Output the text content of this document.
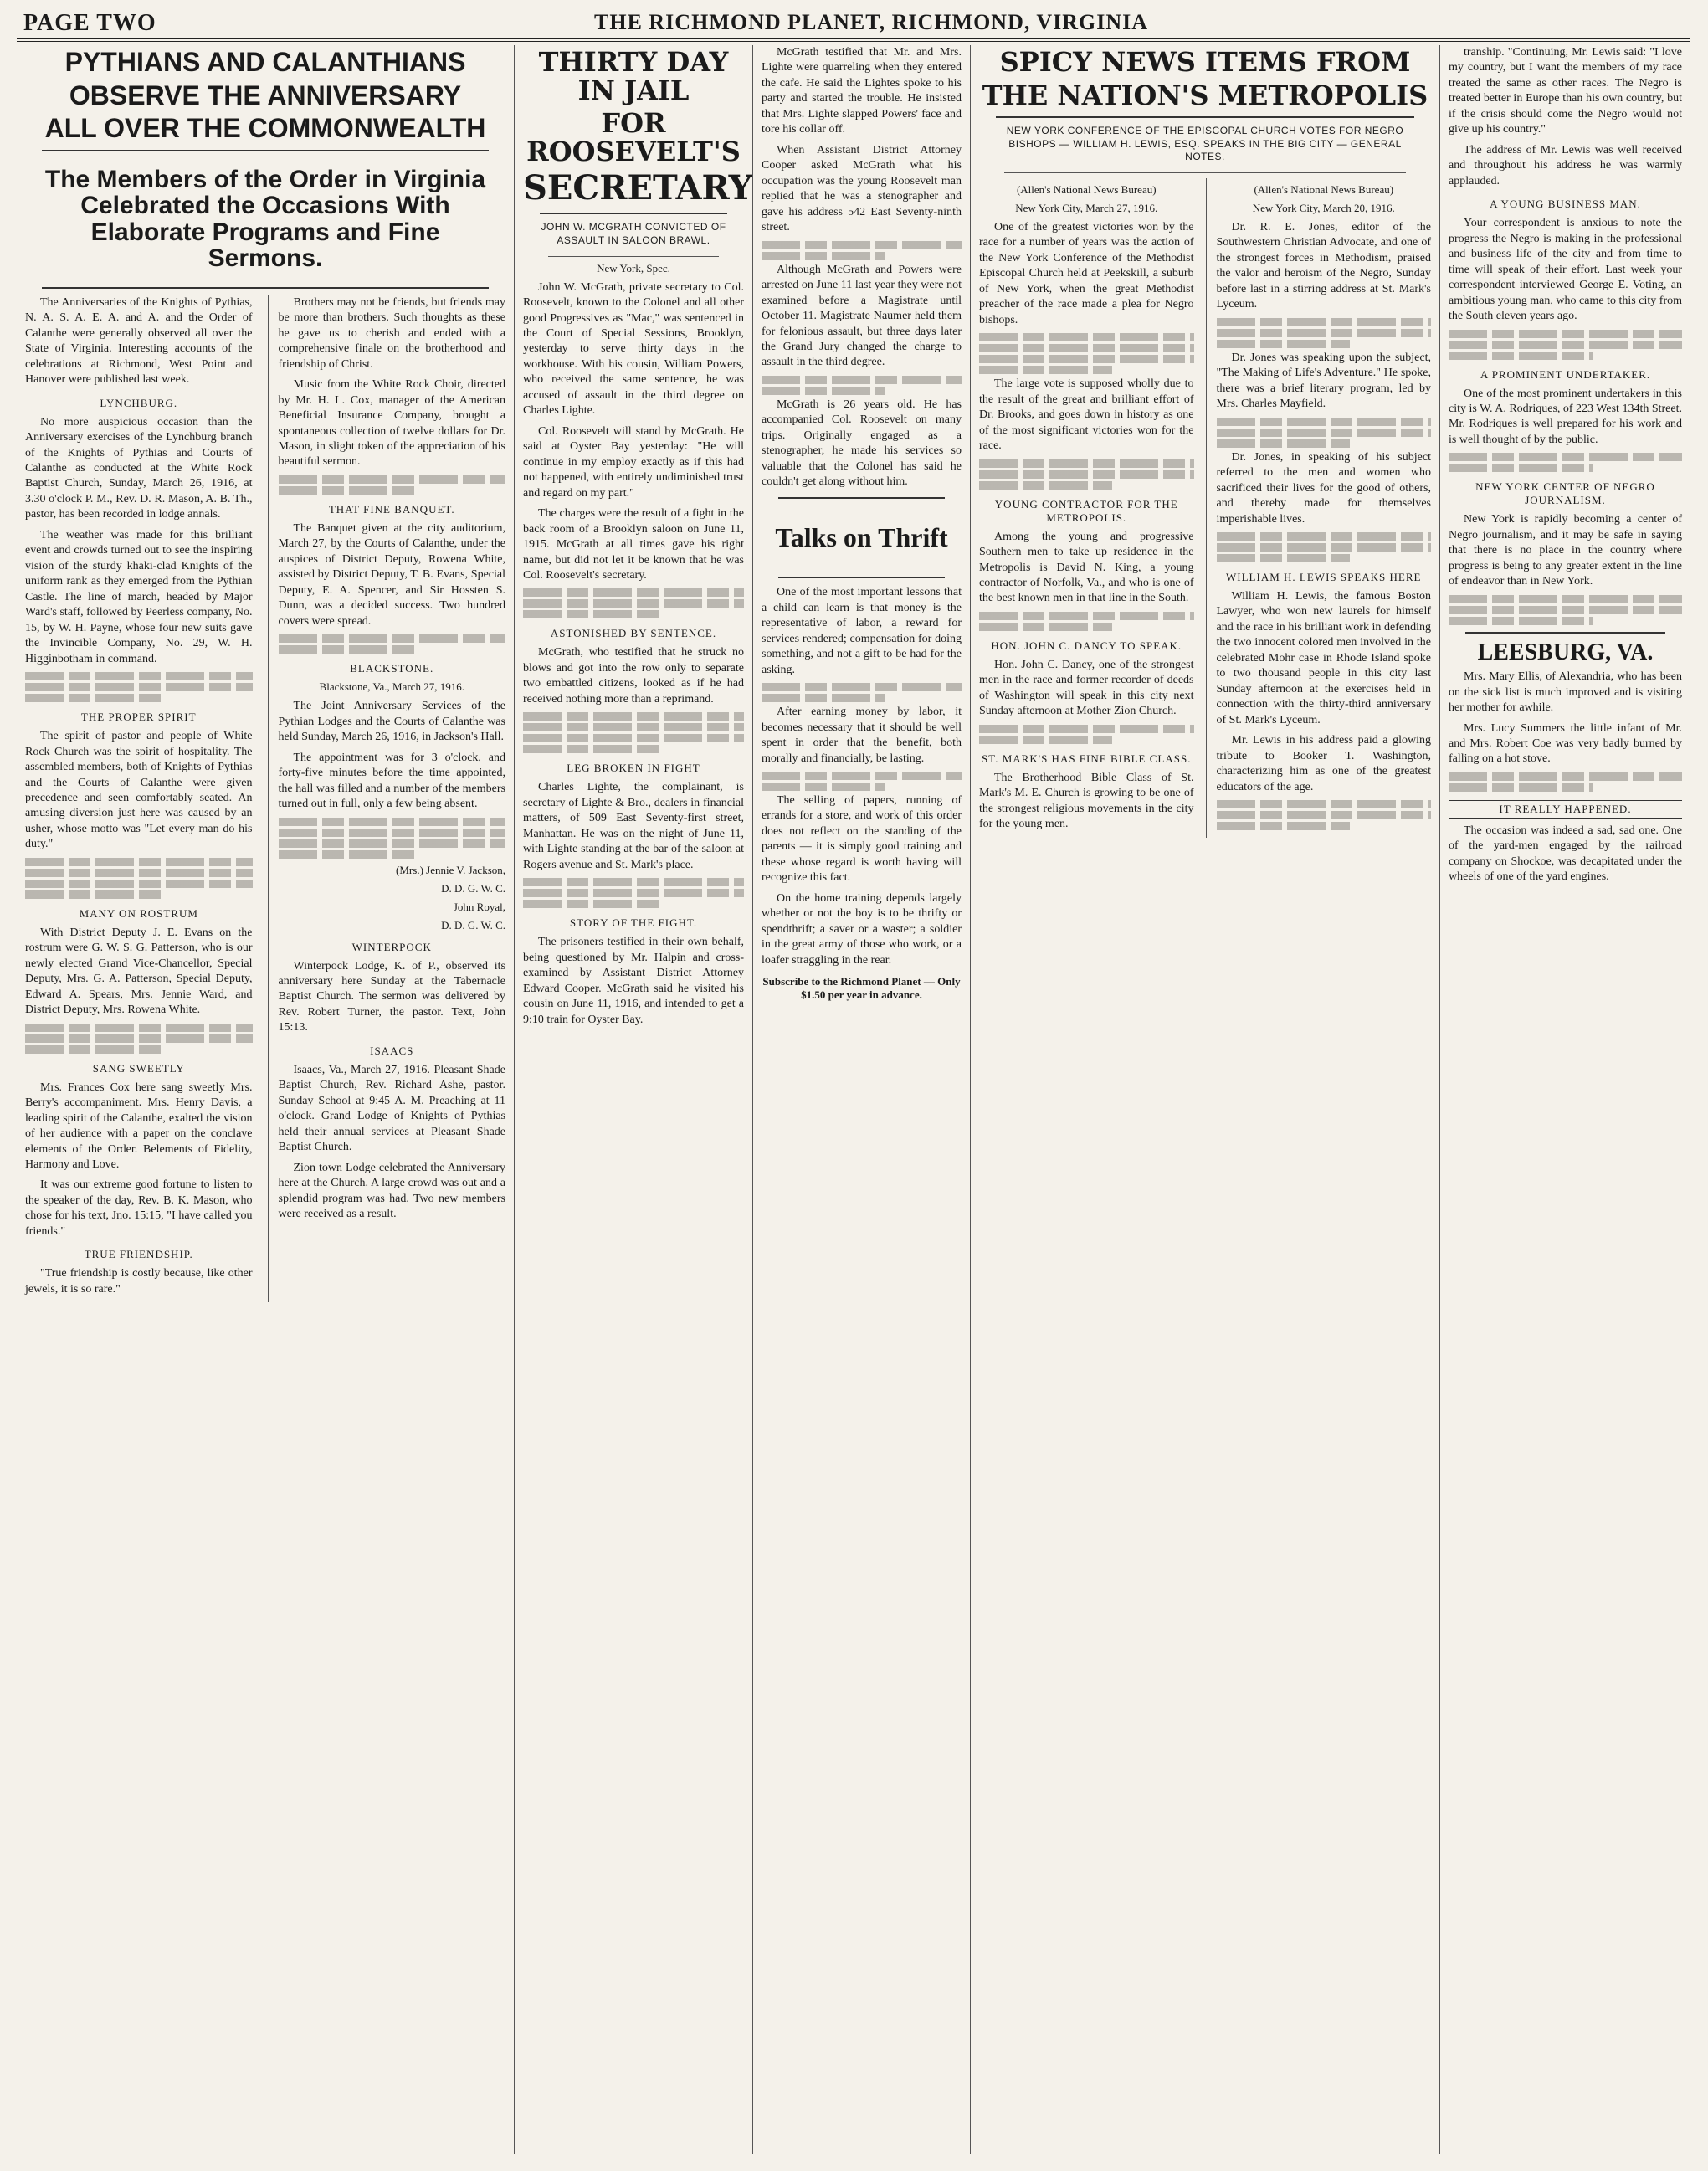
PAGE TWO	THE RICHMOND PLANET, RICHMOND, VIRGINIA
PYTHIANS AND CALANTHIANS
OBSERVE THE ANNIVERSARY
ALL OVER THE COMMONWEALTH
The Members of the Order in Virginia Celebrated the Occasions With Elaborate Programs and Fine Sermons.

The Anniversaries of the Knights of Pythias, N. A. S. A. E. A. and A. and the Order of Calanthe were generally observed all over the State of Virginia. Interesting accounts of the celebrations at Richmond, West Point and Hanover were published last week.

LYNCHBURG.

No more auspicious occasion than the Anniversary exercises of the Lynchburg branch of the Knights of Pythias and Courts of Calanthe as conducted at the White Rock Baptist Church, Sunday, March 26, 1916, at 3.30 o'clock P. M., Rev. D. R. Mason, A. B. Th., pastor, has been recorded in lodge annals.

The weather was made for this brilliant event and crowds turned out to see the inspiring vision of the sturdy khaki-clad Knights of the uniform rank as they emerged from the Pythian Castle. The line of march, headed by Major Ward's staff, followed by Peerless company, No. 15, by W. H. Payne, whose four new suits gave the Invincible Company, No. 29, W. H. Higginbotham in command.

THE PROPER SPIRIT

The spirit of pastor and people of White Rock Church was the spirit of hospitality. The assembled members, both of Knights of Pythias and the Courts of Calanthe were given precedence and seen comfortably seated. An amusing diversion just here was caused by an usher, whose motto was "Let every man do his duty."

MANY ON ROSTRUM

With District Deputy J. E. Evans on the rostrum were G. W. S. G. Patterson, who is our newly elected Grand Vice-Chancellor, Special Deputy, Mrs. G. A. Patterson, Special Deputy, Edward A. Spears, Mrs. Jennie Ward, and District Deputy, Mrs. Rowena White.

SANG SWEETLY

Mrs. Frances Cox here sang sweetly Mrs. Berry's accompaniment. Mrs. Henry Davis, a leading spirit of the Calanthe, exalted the vision of her audience with a paper on the conclave elements of the Order. Belements of Fidelity, Harmony and Love.

It was our extreme good fortune to listen to the speaker of the day, Rev. B. K. Mason, who chose for his text, Jno. 15:15, "I have called you friends."

TRUE FRIENDSHIP.

"True friendship is costly because, like other jewels, it is so rare."

Brothers may not be friends, but friends may be more than brothers. Such thoughts as these he gave us to cherish and ended with a comprehensive finale on the brotherhood and friendship of Christ.

Music from the White Rock Choir, directed by Mr. H. L. Cox, manager of the American Beneficial Insurance Company, brought a spontaneous collection of twelve dollars for Dr. Mason, in slight token of the appreciation of his beautiful sermon.

THAT FINE BANQUET.

The Banquet given at the city auditorium, March 27, by the Courts of Calanthe, under the auspices of District Deputy, Rowena White, assisted by District Deputy, T. B. Evans, Special Deputy, E. A. Spencer, and Sir Hossten S. Dunn, was a decided success. Two hundred covers were spread.

BLACKSTONE.
Blackstone, Va., March 27, 1916.

The Joint Anniversary Services of the Pythian Lodges and the Courts of Calanthe was held Sunday, March 26, 1916, in Jackson's Hall.

The appointment was for 3 o'clock, and forty-five minutes before the time appointed, the hall was filled and a number of the members turned out in full, only a few being absent.

(Mrs.) Jennie V. Jackson,
D. D. G. W. C.
John Royal,
D. D. G. W. C.
WINTERPOCK

Winterpock Lodge, K. of P., observed its anniversary here Sunday at the Tabernacle Baptist Church. The sermon was delivered by Rev. Robert Turner, the pastor. Text, John 15:13.

ISAACS

Isaacs, Va., March 27, 1916. Pleasant Shade Baptist Church, Rev. Richard Ashe, pastor. Sunday School at 9:45 A. M. Preaching at 11 o'clock. Grand Lodge of Knights of Pythias held their annual services at Pleasant Shade Baptist Church.

Zion town Lodge celebrated the Anniversary here at the Church. A large crowd was out and a splendid program was had. Two new members were received as a result.

THIRTY DAY IN JAIL
FOR ROOSEVELT'S
SECRETARY
JOHN W. MCGRATH CONVICTED OF ASSAULT IN SALOON BRAWL.
New York, Spec.

John W. McGrath, private secretary to Col. Roosevelt, known to the Colonel and all other good Progressives as "Mac," was sentenced in the Court of Special Sessions, Brooklyn, yesterday to serve thirty days in the workhouse. With his cousin, William Powers, who received the same sentence, he was accused of assault in the third degree on Charles Lighte.

Col. Roosevelt will stand by McGrath. He said at Oyster Bay yesterday: "He will continue in my employ exactly as if this had not happened, with entirely undiminished trust and regard on my part."

The charges were the result of a fight in the back room of a Brooklyn saloon on June 11, 1915. McGrath at all times gave his right name, but did not let it be known that he was Col. Roosevelt's secretary.

ASTONISHED BY SENTENCE.

McGrath, who testified that he struck no blows and got into the row only to separate two embattled citizens, looked as if he had received nothing more than a reprimand.

LEG BROKEN IN FIGHT

Charles Lighte, the complainant, is secretary of Lighte & Bro., dealers in financial matters, of 509 East Seventy-first street, Manhattan. He was on the night of June 11, with Lighte standing at the bar of the saloon at Rogers avenue and St. Mark's place.

STORY OF THE FIGHT.

The prisoners testified in their own behalf, being questioned by Mr. Halpin and cross-examined by Assistant District Attorney Edward Cooper. McGrath said he visited his cousin on June 11, 1916, and intended to get a 9:10 train for Oyster Bay.

McGrath testified that Mr. and Mrs. Lighte were quarreling when they entered the cafe. He said the Lightes spoke to his party and started the trouble. He insisted that Mrs. Lighte slapped Powers' face and tore his collar off.

When Assistant District Attorney Cooper asked McGrath what his occupation was the young Roosevelt man replied that he was a stenographer and gave his address 542 East Seventy-ninth street.

Although McGrath and Powers were arrested on June 11 last year they were not examined before a Magistrate until October 11. Magistrate Naumer held them for felonious assault, but three days later the Grand Jury changed the charge to assault in the third degree.

McGrath is 26 years old. He has accompanied Col. Roosevelt on many trips. Originally engaged as a stenographer, he made his services so valuable that the Colonel has said he couldn't get along without him.

Talks on Thrift

One of the most important lessons that a child can learn is that money is the representative of labor, a reward for services rendered; compensation for doing something, and not a gift to be had for the asking.

After earning money by labor, it becomes necessary that it should be well spent in order that the benefit, both morally and financially, be lasting.

The selling of papers, running of errands for a store, and work of this order does not reflect on the standing of the parents — it is simply good training and these whose regard is worth having will recognize this fact.

On the home training depends largely whether or not the boy is to be thrifty or spendthrift; a saver or a waster; a soldier in the great army of those who work, or a loafer straggling in the rear.

Subscribe to the Richmond Planet — Only $1.50 per year in advance.
SPICY NEWS ITEMS FROM
THE NATION'S METROPOLIS
NEW YORK CONFERENCE OF THE EPISCOPAL CHURCH VOTES FOR NEGRO BISHOPS — WILLIAM H. LEWIS, ESQ. SPEAKS IN THE BIG CITY — GENERAL NOTES.
(Allen's National News Bureau)
New York City, March 27, 1916.

One of the greatest victories won by the race for a number of years was the action of the New York Conference of the Methodist Episcopal Church held at Peekskill, a suburb of New York, when the great Methodist preacher of the race made a plea for Negro bishops.

The large vote is supposed wholly due to the result of the great and brilliant effort of Dr. Brooks, and goes down in history as one of the most significant victories won for the race.

YOUNG CONTRACTOR FOR THE METROPOLIS.

Among the young and progressive Southern men to take up residence in the Metropolis is David N. King, a young contractor of Norfolk, Va., and who is one of the best known men in that line in the South.

HON. JOHN C. DANCY TO SPEAK.

Hon. John C. Dancy, one of the strongest men in the race and former recorder of deeds of Washington will speak in this city next Sunday afternoon at Mother Zion Church.

ST. MARK'S HAS FINE BIBLE CLASS.

The Brotherhood Bible Class of St. Mark's M. E. Church is growing to be one of the strongest religious movements in the city for the young men.

(Allen's National News Bureau)
New York City, March 20, 1916.

Dr. R. E. Jones, editor of the Southwestern Christian Advocate, and one of the strongest forces in Methodism, praised the valor and heroism of the Negro, Sunday before last in a stirring address at St. Mark's Lyceum.

Dr. Jones was speaking upon the subject, "The Making of Life's Adventure." He spoke, there was a brief literary program, led by Mrs. Charles Mayfield.

Dr. Jones, in speaking of his subject referred to the men and women who sacrificed their lives for the good of others, and thereby made for themselves imperishable lives.

WILLIAM H. LEWIS SPEAKS HERE

William H. Lewis, the famous Boston Lawyer, who won new laurels for himself and the race in his brilliant work in defending the two innocent colored men involved in the celebrated Mohr case in Rhode Island spoke to two thousand people in this city last Sunday afternoon at the exercises held in connection with the thirty-third anniversary of St. Mark's Lyceum.

Mr. Lewis in his address paid a glowing tribute to Booker T. Washington, characterizing him as one of the greatest educators of the age.

tranship. "Continuing, Mr. Lewis said: "I love my country, but I want the members of my race treated the same as other races. The Negro is treated better in Europe than his own country, but if the crisis should come the Negro would not give up his country."

The address of Mr. Lewis was well received and throughout his address he was warmly applauded.

A YOUNG BUSINESS MAN.

Your correspondent is anxious to note the progress the Negro is making in the professional and business life of the city and from time to time will speak of their effort. Last week your correspondent interviewed George E. Voting, an ambitious young man, who came to this city from the South eleven years ago.

A PROMINENT UNDERTAKER.

One of the most prominent undertakers in this city is W. A. Rodriques, of 223 West 134th Street. Mr. Rodriques is well prepared for his work and is well thought of by the public.

NEW YORK CENTER OF NEGRO JOURNALISM.

New York is rapidly becoming a center of Negro journalism, and it may be safe in saying that there is no place in the country where progress is being to any greater extent in the line of endeavor than in New York.

LEESBURG, VA.

Mrs. Mary Ellis, of Alexandria, who has been on the sick list is much improved and is visiting her mother for awhile.

Mrs. Lucy Summers the little infant of Mr. and Mrs. Robert Coe was very badly burned by falling on a hot stove.

IT REALLY HAPPENED.

The occasion was indeed a sad, sad one. One of the yard-men engaged by the railroad company on Shockoe, was decapitated under the wheels of one of the yard engines.
